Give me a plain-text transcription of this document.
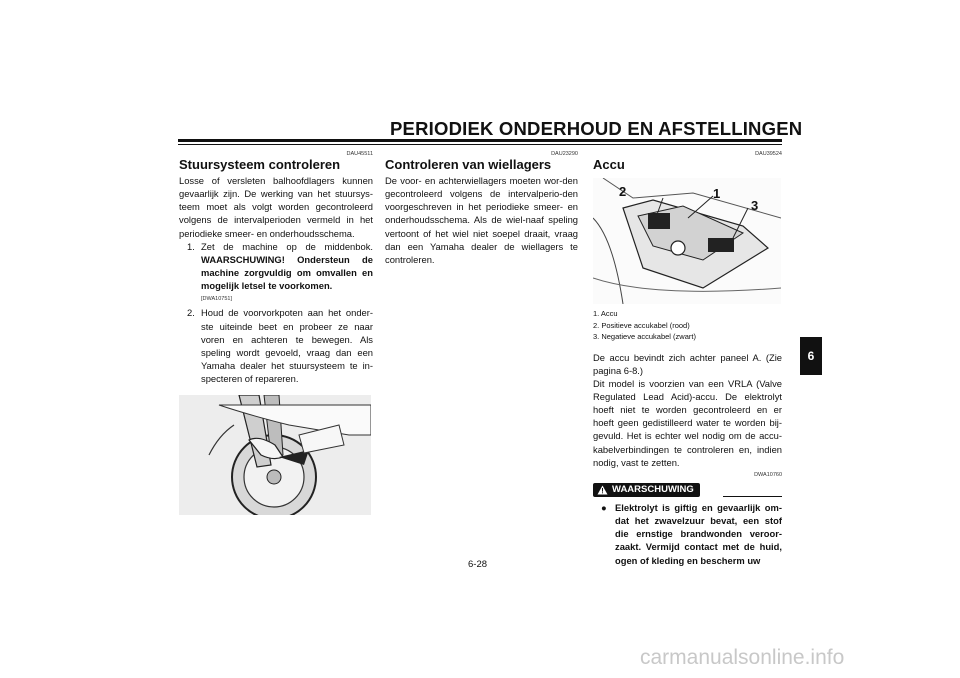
PERIODIEK ONDERHOUD EN AFSTELLINGEN
6
DAU45511
Stuursysteem controleren

Losse of versleten balhoofdlagers kunnen gevaarlijk zijn. De werking van het stuursys-teem moet als volgt worden gecontroleerd volgens de intervalperioden vermeld in het periodieke smeer- en onderhoudsschema.

1. Zet de machine op de middenbok. WAARSCHUWING! Ondersteun de machine zorgvuldig om omvallen en mogelijk letsel te voorkomen.
[DWA10751]
2. Houd de voorvorkpoten aan het onder-ste uiteinde beet en probeer ze naar voren en achteren te bewegen. Als speling wordt gevoeld, vraag dan een Yamaha dealer het stuursysteem te in-specteren of repareren.
DAU23290
Controleren van wiellagers

De voor- en achterwiellagers moeten wor-den gecontroleerd volgens de intervalperio-den voorgeschreven in het periodieke smeer- en onderhoudsschema. Als de wiel-naaf speling vertoont of het wiel niet soepel draait, vraag dan een Yamaha dealer de wiellagers te controleren.

DAU39524
Accu
2	1
3
1. Accu
2. Positieve accukabel (rood)
3. Negatieve accukabel (zwart)

De accu bevindt zich achter paneel A. (Zie pagina 6-8.)
Dit model is voorzien van een VRLA (Valve Regulated Lead Acid)-accu. De elektrolyt hoeft niet te worden gecontroleerd en er hoeft geen gedistilleerd water te worden bij-gevuld. Het is echter wel nodig om de accu-kabelverbindingen te controleren en, indien nodig, vast te zetten.

DWA10760
WAARSCHUWING
● Elektrolyt is giftig en gevaarlijk om-dat het zwavelzuur bevat, een stof die ernstige brandwonden veroor-zaakt. Vermijd contact met de huid, ogen of kleding en bescherm uw
6-28
carmanualsonline.info
